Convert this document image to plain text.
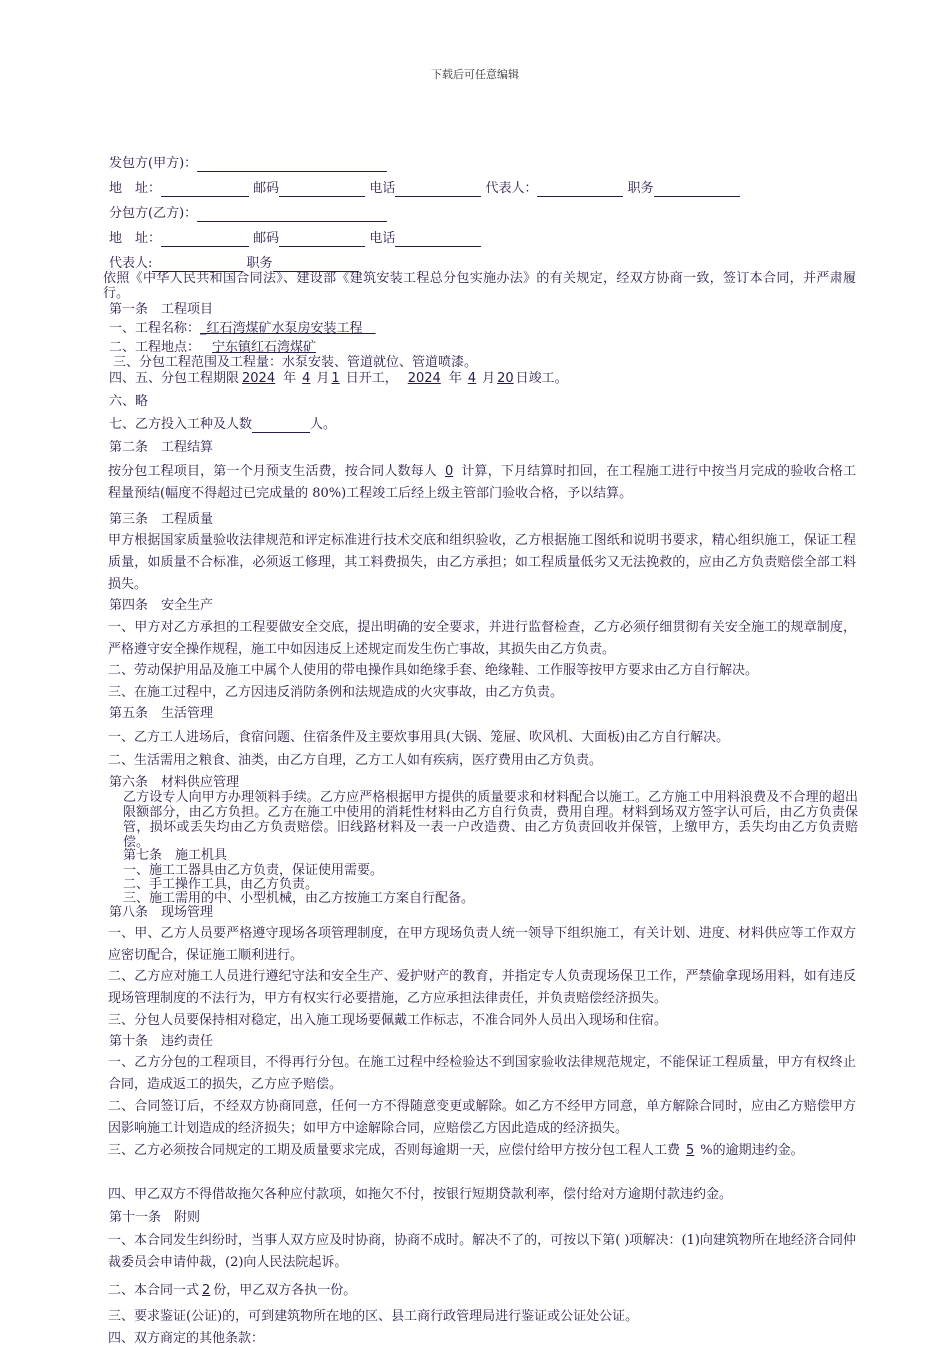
下载后可任意编辑
发包方(甲方)：
地　址：	邮码	电话	代表人：	职务
分包方(乙方)：
地　址：	邮码	电话
代表人:	职务
依照《中华人民共和国合同法》、建设部《建筑安装工程总分包实施办法》的有关规定，经双方协商一致，签订本合同，并严肃履行。
第一条　工程项目
一、工程名称：_红石湾煤矿水泵房安装工程　
二、工程地点： 宁东镇红石湾煤矿
三、分包工程范围及工程量：水泵安装、管道就位、管道喷漆。
四、五、分包工程期限 2024 年 4 月 1 日开工， 2024 年 4 月 20 日竣工。
六、略
七、乙方投入工种及人数	人。
第二条　工程结算
按分包工程项目，第一个月预支生活费，按合同人数每人 0 计算，下月结算时扣回，在工程施工进行中按当月完成的验收合格工程量预结(幅度不得超过已完成量的 80%)工程竣工后经上级主管部门验收合格，予以结算。
第三条　工程质量
甲方根据国家质量验收法律规范和评定标准进行技术交底和组织验收，乙方根据施工图纸和说明书要求，精心组织施工，保证工程质量，如质量不合标准，必须返工修理，其工料费损失，由乙方承担；如工程质量低劣又无法挽救的，应由乙方负责赔偿全部工料损失。
第四条　安全生产
一、甲方对乙方承担的工程要做安全交底，提出明确的安全要求，并进行监督检查，乙方必须仔细贯彻有关安全施工的规章制度，严格遵守安全操作规程，施工中如因违反上述规定而发生伤亡事故，其损失由乙方负责。
二、劳动保护用品及施工中属个人使用的带电操作具如绝缘手套、绝缘鞋、工作服等按甲方要求由乙方自行解决。
三、在施工过程中，乙方因违反消防条例和法规造成的火灾事故，由乙方负责。
第五条　生活管理
一、乙方工人进场后，食宿问题、住宿条件及主要炊事用具(大锅、笼屉、吹风机、大面板)由乙方自行解决。
二、生活需用之粮食、油类，由乙方自理，乙方工人如有疾病，医疗费用由乙方负责。
第六条　材料供应管理
乙方设专人向甲方办理领料手续。乙方应严格根据甲方提供的质量要求和材料配合以施工。乙方施工中用料浪费及不合理的超出限额部分，由乙方负担。乙方在施工中使用的消耗性材料由乙方自行负责，费用自理。材料到场双方签字认可后，由乙方负责保管，损坏或丢失均由乙方负责赔偿。旧线路材料及一表一户改造费、由乙方负责回收并保管，上缴甲方，丢失均由乙方负责赔偿。
第七条　施工机具
一、施工工器具由乙方负责，保证使用需要。
二、手工操作工具，由乙方负责。
三、施工需用的中、小型机械，由乙方按施工方案自行配备。
第八条　现场管理
一、甲、乙方人员要严格遵守现场各项管理制度，在甲方现场负责人统一领导下组织施工，有关计划、进度、材料供应等工作双方应密切配合，保证施工顺利进行。
二、乙方应对施工人员进行遵纪守法和安全生产、爱护财产的教育，并指定专人负责现场保卫工作，严禁偷拿现场用料，如有违反现场管理制度的不法行为，甲方有权实行必要措施，乙方应承担法律责任，并负责赔偿经济损失。
三、分包人员要保持相对稳定，出入施工现场要佩戴工作标志，不准合同外人员出入现场和住宿。
第十条　违约责任
一、乙方分包的工程项目，不得再行分包。在施工过程中经检验达不到国家验收法律规范规定，不能保证工程质量，甲方有权终止合同，造成返工的损失，乙方应予赔偿。
二、合同签订后，不经双方协商同意，任何一方不得随意变更或解除。如乙方不经甲方同意，单方解除合同时，应由乙方赔偿甲方因影响施工计划造成的经济损失；如甲方中途解除合同，应赔偿乙方因此造成的经济损失。
三、乙方必须按合同规定的工期及质量要求完成，否则每逾期一天，应偿付给甲方按分包工程人工费 5 %的逾期违约金。
四、甲乙双方不得借故拖欠各种应付款项，如拖欠不付，按银行短期贷款利率，偿付给对方逾期付款违约金。
第十一条　附则
一、本合同发生纠纷时，当事人双方应及时协商，协商不成时。解决不了的，可按以下第( )项解决：(1)向建筑物所在地经济合同仲裁委员会申请仲裁，(2)向人民法院起诉。
二、本合同一式 2 份，甲乙双方各执一份。
三、要求鉴证(公证)的，可到建筑物所在地的区、县工商行政管理局进行鉴证或公证处公证。
四、双方商定的其他条款：
